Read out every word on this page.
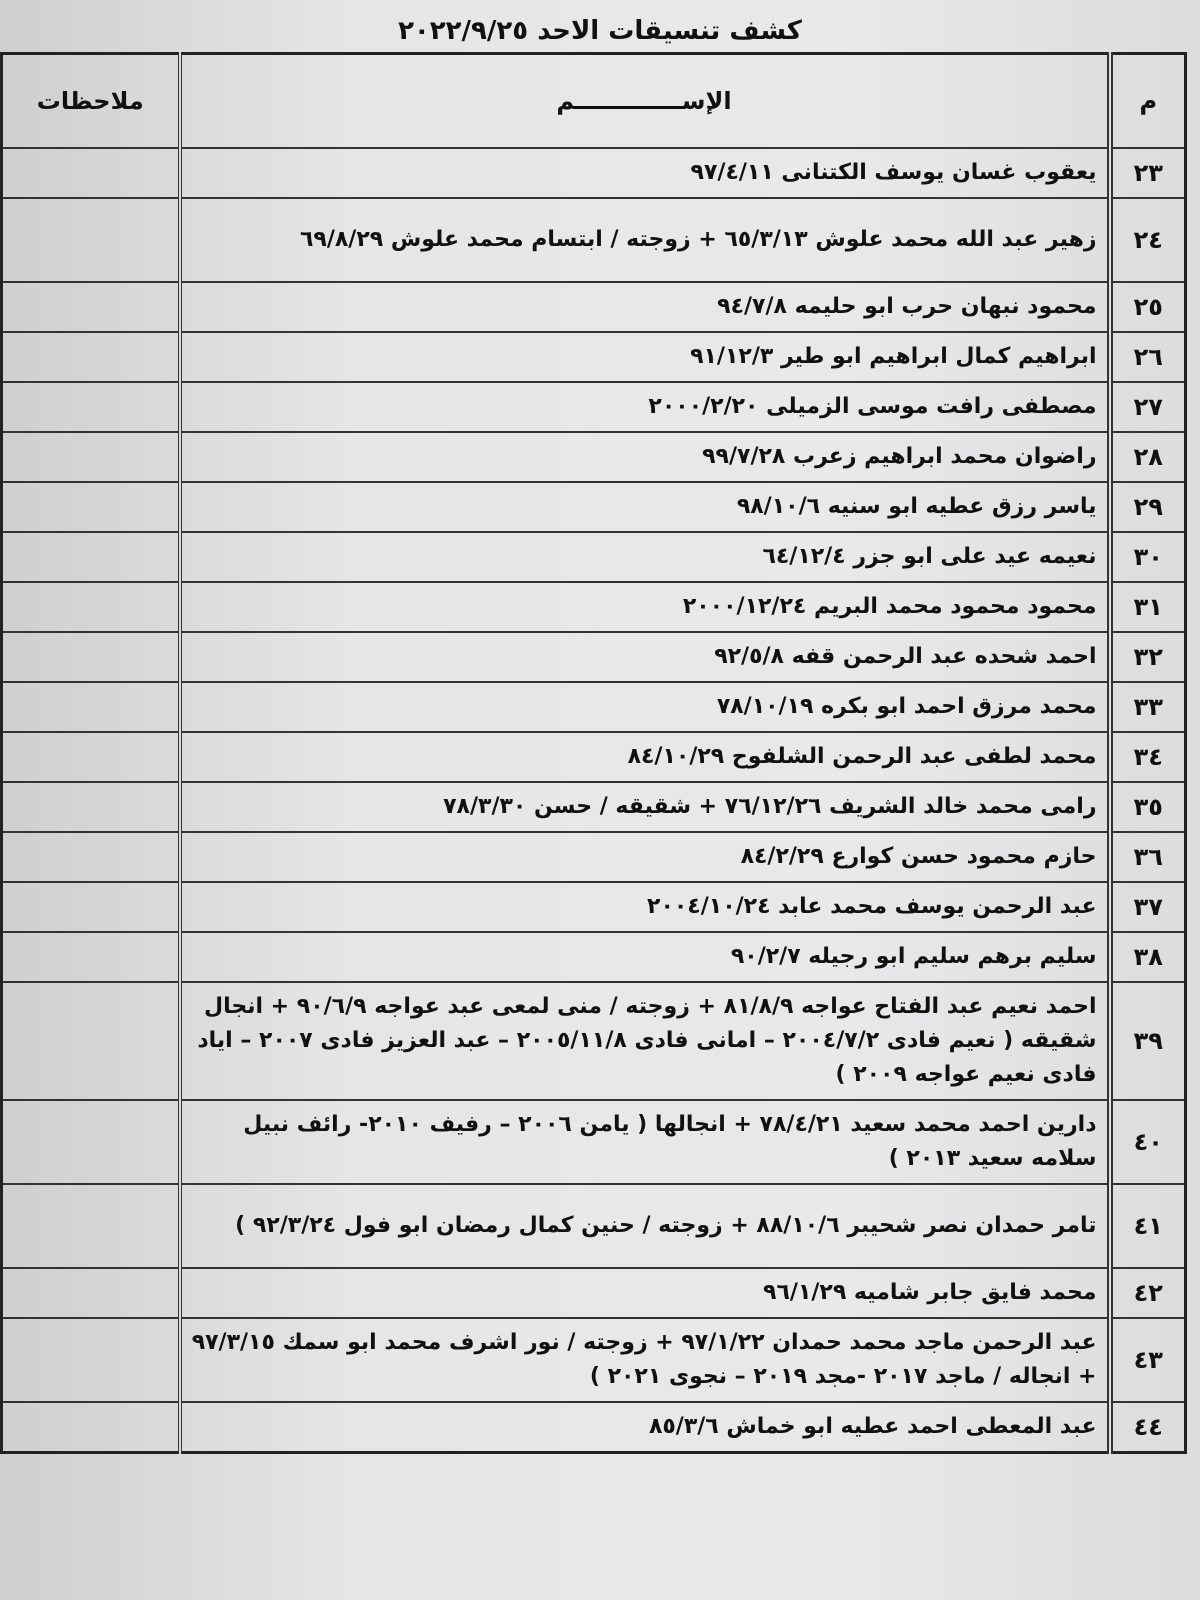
كشف تنسيقات الاحد ٢٠٢٢/٩/٢٥
م	الإســـــــــــــم	ملاحظات
٢٣	يعقوب غسان يوسف الكتنانى ٩٧/٤/١١	
٢٤	زهير عبد الله محمد علوش ٦٥/٣/١٣ + زوجته / ابتسام محمد علوش ٦٩/٨/٢٩	
٢٥	محمود نبهان حرب ابو حليمه ٩٤/٧/٨	
٢٦	ابراهيم كمال ابراهيم ابو طير ٩١/١٢/٣	
٢٧	مصطفى رافت موسى الزميلى ٢٠٠٠/٢/٢٠	
٢٨	راضوان محمد ابراهيم زعرب ٩٩/٧/٢٨	
٢٩	ياسر رزق عطيه ابو سنيه ٩٨/١٠/٦	
٣٠	نعيمه عيد على ابو جزر ٦٤/١٢/٤	
٣١	محمود محمود محمد البريم ٢٠٠٠/١٢/٢٤	
٣٢	احمد شحده عبد الرحمن قفه ٩٢/٥/٨	
٣٣	محمد مرزق احمد ابو بكره ٧٨/١٠/١٩	
٣٤	محمد لطفى عبد الرحمن الشلفوح ٨٤/١٠/٢٩	
٣٥	رامى محمد خالد الشريف ٧٦/١٢/٢٦ + شقيقه / حسن ٧٨/٣/٣٠	
٣٦	حازم محمود حسن كوارع ٨٤/٢/٢٩	
٣٧	عبد الرحمن يوسف محمد عابد ٢٠٠٤/١٠/٢٤	
٣٨	سليم برهم سليم ابو رجيله ٩٠/٢/٧	
٣٩	احمد نعيم عبد الفتاح عواجه ٨١/٨/٩ + زوجته / منى لمعى عبد عواجه ٩٠/٦/٩ + انجال شقيقه ( نعيم فادى ٢٠٠٤/٧/٢ – امانى فادى ٢٠٠٥/١١/٨ – عبد العزيز فادى ٢٠٠٧ – اياد فادى نعيم عواجه ٢٠٠٩ )	
٤٠	دارين احمد محمد سعيد ٧٨/٤/٢١ + انجالها ( يامن ٢٠٠٦ – رفيف ٢٠١٠- رائف نبيل سلامه سعيد ٢٠١٣ )	
٤١	تامر حمدان نصر شحيبر ٨٨/١٠/٦ + زوجته / حنين كمال رمضان ابو فول ٩٢/٣/٢٤ )	
٤٢	محمد فايق جابر شاميه ٩٦/١/٢٩	
٤٣	عبد الرحمن ماجد محمد حمدان ٩٧/١/٢٢ + زوجته / نور اشرف محمد ابو سمك ٩٧/٣/١٥ + انجاله / ماجد ٢٠١٧ -مجد ٢٠١٩ – نجوى ٢٠٢١ )	
٤٤	عبد المعطى احمد عطيه ابو خماش ٨٥/٣/٦	
